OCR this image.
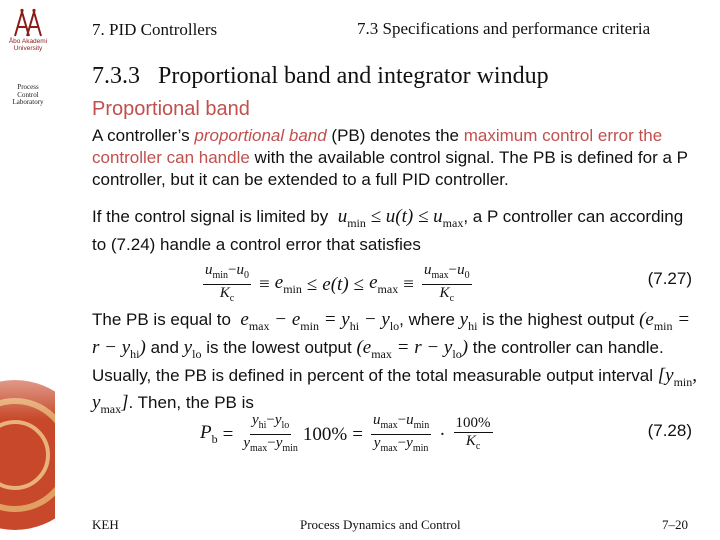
Åbo Akademi
University
Process
Control
Laboratory
7. PID Controllers	7.3 Specifications and performance criteria
7.3.3 Proportional band and integrator windup
Proportional band
A controller’s proportional band (PB) denotes the maximum control error the controller can handle with the available control signal. The PB is defined for a P controller, but it can be extended to a full PID controller.
If the control signal is limited by  $u_{min} \le u(t) \le u_{max}$, a P controller can according to (7.24) handle a control error that satisfies
$\frac{u_{min}-u_0}{K_c} \equiv e_{min} \le e(t) \le e_{max} \equiv \frac{u_{max}-u_0}{K_c}$	(7.27)
The PB is equal to  $e_{max} - e_{min} = y_{hi} - y_{lo}$, where $y_{hi}$ is the highest output $(e_{min} = r - y_{hi})$ and $y_{lo}$ is the lowest output $(e_{max} = r - y_{lo})$ the controller can handle. Usually, the PB is defined in percent of the total measurable output interval [$y_{min}$, $y_{max}$]. Then, the PB is
$P_b = \frac{y_{hi}-y_{lo}}{y_{max}-y_{min}} 100\% = \frac{u_{max}-u_{min}}{y_{max}-y_{min}} \cdot \frac{100\%}{K_c}$	(7.28)
KEH	Process Dynamics and Control	7–20
